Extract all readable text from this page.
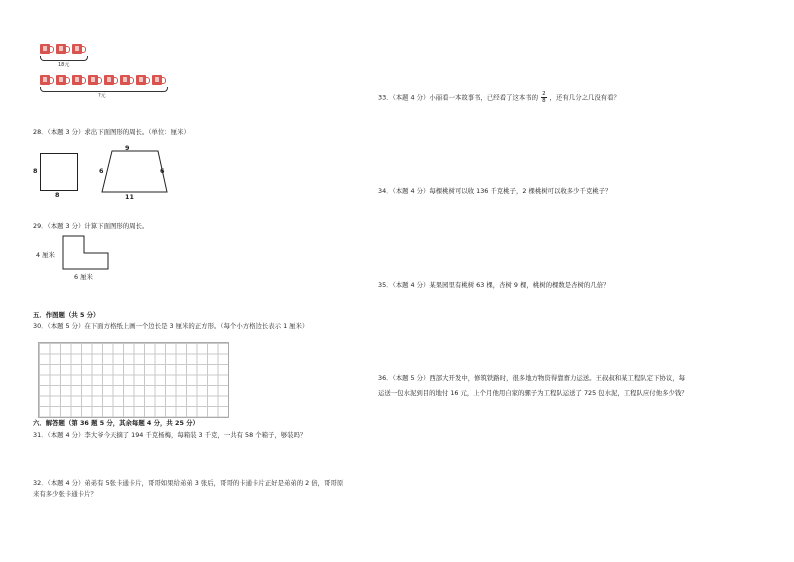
18元
?元
28．（本题 3 分）求出下面图形的周长。（单位：厘米）
8
8
9
6	6
11
29．（本题 3 分）计算下面图形的周长。
4 厘米
6 厘米
五．作图题（共 5 分）
30．（本题 5 分）在下面方格纸上画一个边长是 3 厘米的正方形。（每个小方格边长表示 1 厘米）
六．解答题（第 36 题 5 分，其余每题 4 分，共 25 分）
31．（本题 4 分）李大爷今天摘了 194 千克杨梅，每箱装 3 千克，一共有 58 个箱子，够装吗？
32．（本题 4 分）弟弟有 5张卡通卡片，哥哥如果给弟弟 3 张后，哥哥的卡通卡片正好是弟弟的 2 倍，哥哥原
来有多少张卡通卡片？
33．（本题 4 分）小丽看一本故事书，已经看了这本书的 $\frac{2}{8}$ ，还有几分之几没有看？
34．（本题 4 分）每棵桃树可以收 136 千克桃子，2 棵桃树可以收多少千克桃子？
35．（本题 4 分）某果园里有桃树 63 棵，杏树 9 棵，桃树的棵数是杏树的几倍？
36．（本题 5 分）西部大开发中，修筑铁路时，很多地方物资得靠畜力运送。王叔叔和某工程队定下协议，每
运送一包水泥到目的地付 16 元，上个月他用自家的骡子为工程队运送了 725 包水泥，工程队应付他多少钱？
